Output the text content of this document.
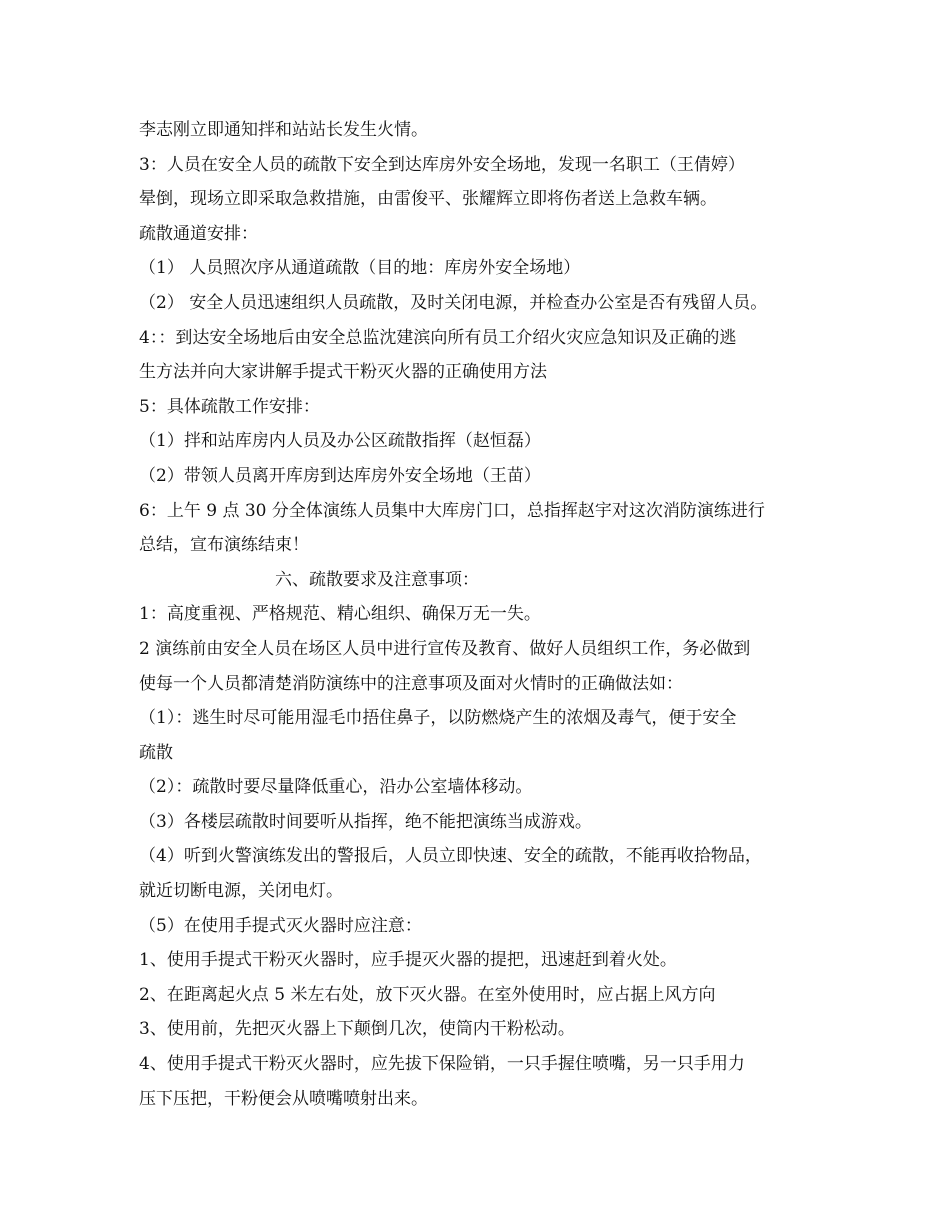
李志刚立即通知拌和站站长发生火情。
3：人员在安全人员的疏散下安全到达库房外安全场地，发现一名职工（王倩婷）
晕倒，现场立即采取急救措施，由雷俊平、张耀辉立即将伤者送上急救车辆。
疏散通道安排：
（1） 人员照次序从通道疏散（目的地：库房外安全场地）
（2） 安全人员迅速组织人员疏散，及时关闭电源，并检查办公室是否有残留人员。
4：：到达安全场地后由安全总监沈建滨向所有员工介绍火灾应急知识及正确的逃
生方法并向大家讲解手提式干粉灭火器的正确使用方法
5：具体疏散工作安排：
（1）拌和站库房内人员及办公区疏散指挥（赵恒磊）
（2）带领人员离开库房到达库房外安全场地（王苗）
6：上午 9 点 30 分全体演练人员集中大库房门口，总指挥赵宇对这次消防演练进行
总结，宣布演练结束！
六、疏散要求及注意事项：
1：高度重视、严格规范、精心组织、确保万无一失。
2 演练前由安全人员在场区人员中进行宣传及教育、做好人员组织工作，务必做到
使每一个人员都清楚消防演练中的注意事项及面对火情时的正确做法如：
（1）：逃生时尽可能用湿毛巾捂住鼻子，以防燃烧产生的浓烟及毒气，便于安全
疏散
（2）：疏散时要尽量降低重心，沿办公室墙体移动。
（3）各楼层疏散时间要听从指挥，绝不能把演练当成游戏。
（4）听到火警演练发出的警报后，人员立即快速、安全的疏散，不能再收拾物品，
就近切断电源，关闭电灯。
（5）在使用手提式灭火器时应注意：
1、使用手提式干粉灭火器时，应手提灭火器的提把，迅速赶到着火处。
2、在距离起火点 5 米左右处，放下灭火器。在室外使用时，应占据上风方向
3、使用前，先把灭火器上下颠倒几次，使筒内干粉松动。
4、使用手提式干粉灭火器时，应先拔下保险销，一只手握住喷嘴，另一只手用力
压下压把，干粉便会从喷嘴喷射出来。
